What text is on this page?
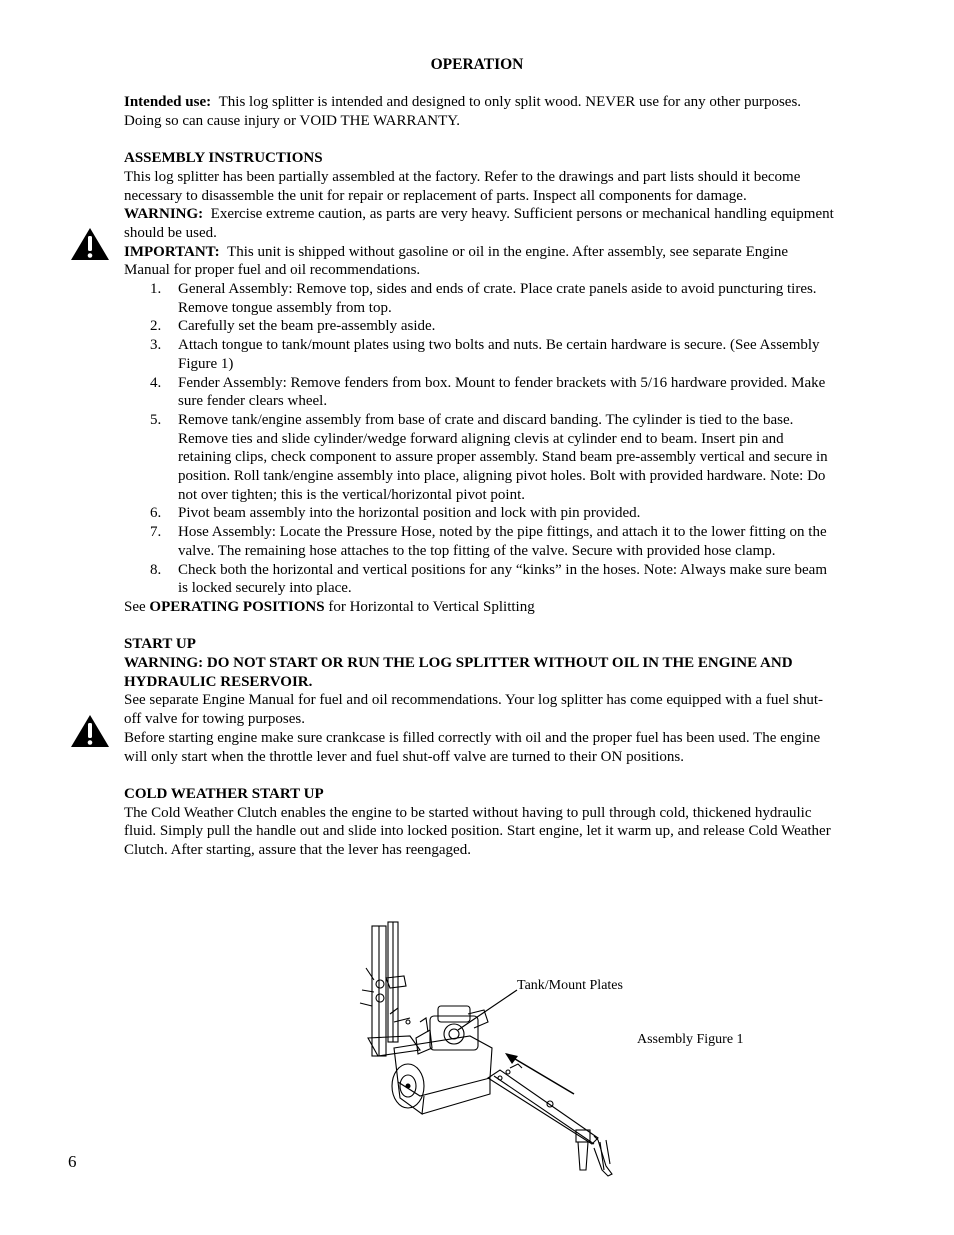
OPERATION
Intended use: This log splitter is intended and designed to only split wood. NEVER use for any other purposes. Doing so can cause injury or VOID THE WARRANTY.
ASSEMBLY INSTRUCTIONS
This log splitter has been partially assembled at the factory. Refer to the drawings and part lists should it become necessary to disassemble the unit for repair or replacement of parts. Inspect all components for damage.
WARNING: Exercise extreme caution, as parts are very heavy. Sufficient persons or mechanical handling equipment should be used.
IMPORTANT: This unit is shipped without gasoline or oil in the engine. After assembly, see separate Engine Manual for proper fuel and oil recommendations.
1. General Assembly: Remove top, sides and ends of crate. Place crate panels aside to avoid puncturing tires. Remove tongue assembly from top.
2. Carefully set the beam pre-assembly aside.
3. Attach tongue to tank/mount plates using two bolts and nuts. Be certain hardware is secure. (See Assembly Figure 1)
4. Fender Assembly: Remove fenders from box. Mount to fender brackets with 5/16 hardware provided. Make sure fender clears wheel.
5. Remove tank/engine assembly from base of crate and discard banding. The cylinder is tied to the base. Remove ties and slide cylinder/wedge forward aligning clevis at cylinder end to beam. Insert pin and retaining clips, check component to assure proper assembly. Stand beam pre-assembly vertical and secure in position. Roll tank/engine assembly into place, aligning pivot holes. Bolt with provided hardware. Note: Do not over tighten; this is the vertical/horizontal pivot point.
6. Pivot beam assembly into the horizontal position and lock with pin provided.
7. Hose Assembly: Locate the Pressure Hose, noted by the pipe fittings, and attach it to the lower fitting on the valve. The remaining hose attaches to the top fitting of the valve. Secure with provided hose clamp.
8. Check both the horizontal and vertical positions for any “kinks” in the hoses. Note: Always make sure beam is locked securely into place.
See OPERATING POSITIONS for Horizontal to Vertical Splitting
START UP
WARNING: DO NOT START OR RUN THE LOG SPLITTER WITHOUT OIL IN THE ENGINE AND HYDRAULIC RESERVOIR.
See separate Engine Manual for fuel and oil recommendations. Your log splitter has come equipped with a fuel shut-off valve for towing purposes.
Before starting engine make sure crankcase is filled correctly with oil and the proper fuel has been used. The engine will only start when the throttle lever and fuel shut-off valve are turned to their ON positions.
COLD WEATHER START UP
The Cold Weather Clutch enables the engine to be started without having to pull through cold, thickened hydraulic fluid. Simply pull the handle out and slide into locked position. Start engine, let it warm up, and release Cold Weather Clutch. After starting, assure that the lever has reengaged.
Tank/Mount Plates
Assembly Figure 1
6
